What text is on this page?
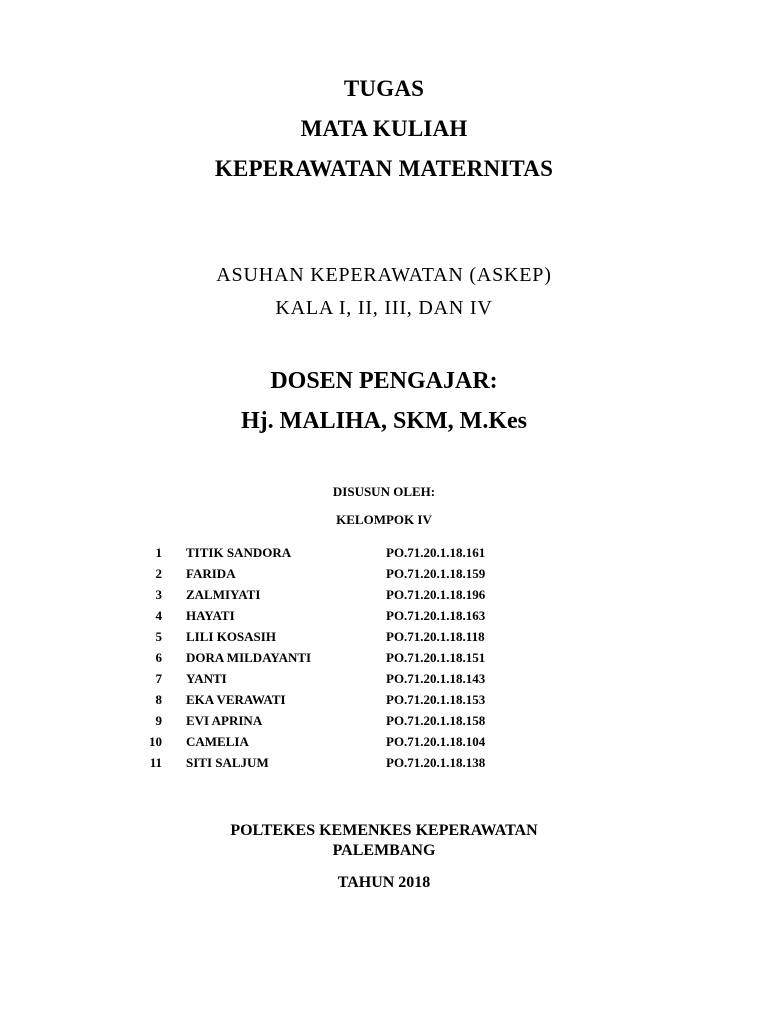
TUGAS
MATA KULIAH
KEPERAWATAN MATERNITAS
ASUHAN KEPERAWATAN (ASKEP)
KALA I, II, III, DAN IV
DOSEN PENGAJAR:
Hj. MALIHA, SKM, M.Kes
DISUSUN OLEH:
KELOMPOK IV
1 TITIK SANDORA	PO.71.20.1.18.161
2 FARIDA	PO.71.20.1.18.159
3 ZALMIYATI	PO.71.20.1.18.196
4 HAYATI	PO.71.20.1.18.163
5 LILI KOSASIH	PO.71.20.1.18.118
6 DORA MILDAYANTI	PO.71.20.1.18.151
7 YANTI	PO.71.20.1.18.143
8 EKA VERAWATI	PO.71.20.1.18.153
9 EVI APRINA	PO.71.20.1.18.158
10 CAMELIA	PO.71.20.1.18.104
11 SITI SALJUM	PO.71.20.1.18.138
POLTEKES KEMENKES KEPERAWATAN
PALEMBANG
TAHUN 2018
